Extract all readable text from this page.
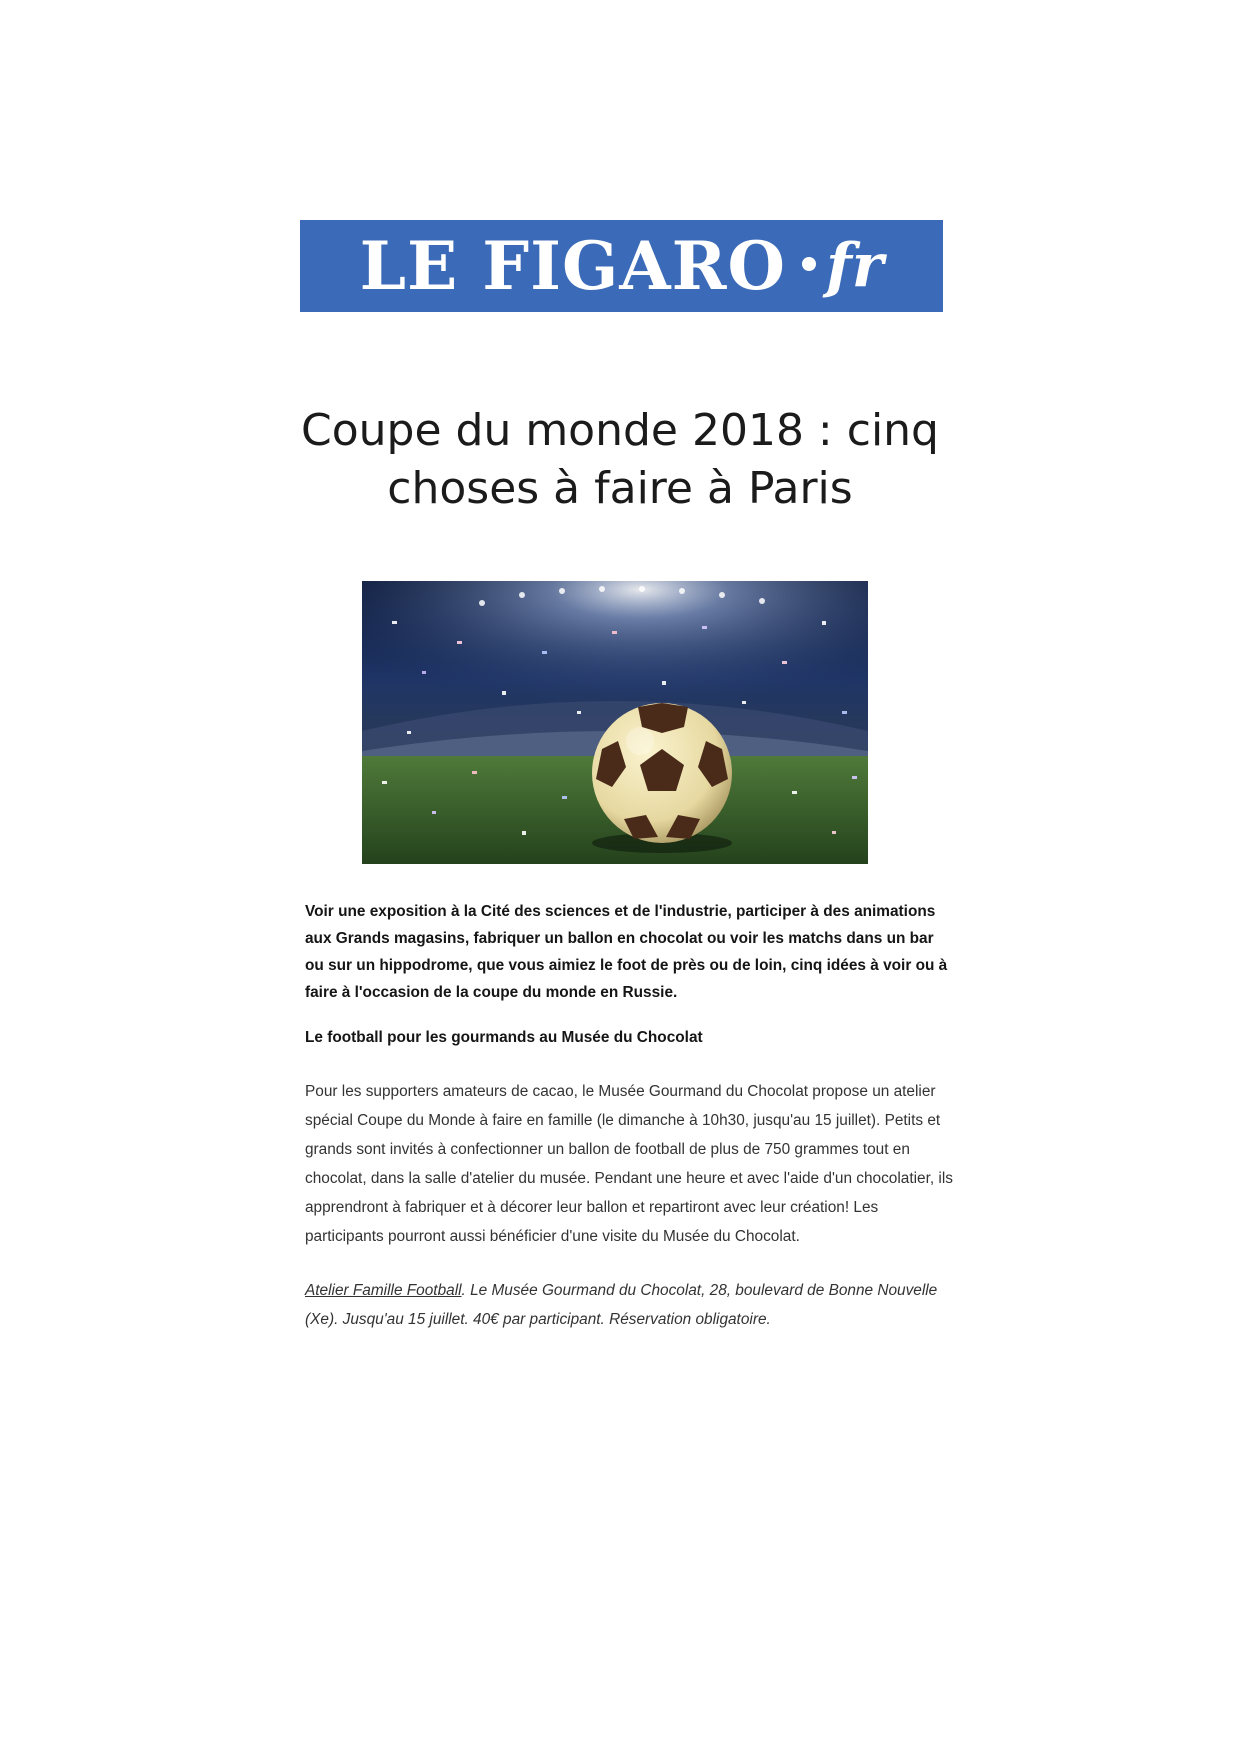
LE FIGARO fr
Coupe du monde 2018 : cinq choses à faire à Paris

Voir une exposition à la Cité des sciences et de l'industrie, participer à des animations aux Grands magasins, fabriquer un ballon en chocolat ou voir les matchs dans un bar ou sur un hippodrome, que vous aimiez le foot de près ou de loin, cinq idées à voir ou à faire à l'occasion de la coupe du monde en Russie.

Le football pour les gourmands au Musée du Chocolat

Pour les supporters amateurs de cacao, le Musée Gourmand du Chocolat propose un atelier spécial Coupe du Monde à faire en famille (le dimanche à 10h30, jusqu'au 15 juillet). Petits et grands sont invités à confectionner un ballon de football de plus de 750 grammes tout en chocolat, dans la salle d'atelier du musée. Pendant une heure et avec l'aide d'un chocolatier, ils apprendront à fabriquer et à décorer leur ballon et repartiront avec leur création! Les participants pourront aussi bénéficier d'une visite du Musée du Chocolat.

Atelier Famille Football. Le Musée Gourmand du Chocolat, 28, boulevard de Bonne Nouvelle (Xe). Jusqu'au 15 juillet. 40€ par participant. Réservation obligatoire.
